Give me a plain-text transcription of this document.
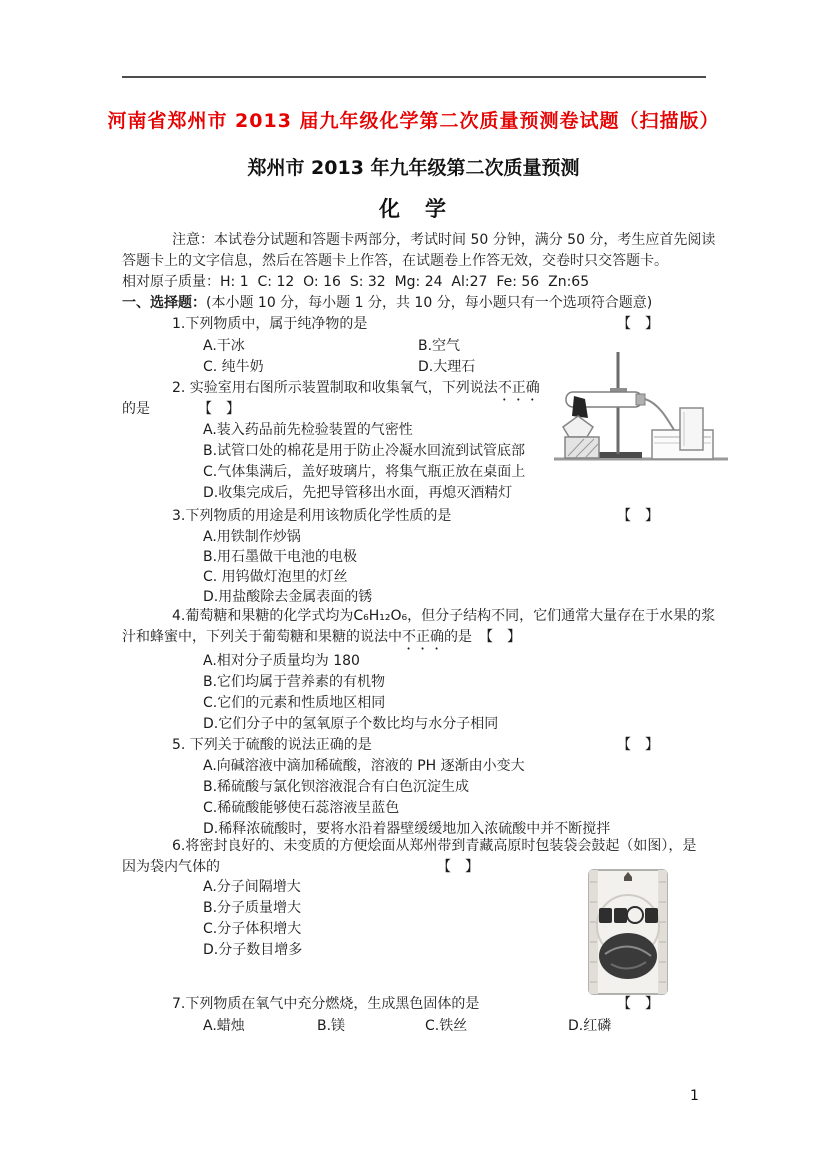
河南省郑州市 2013 届九年级化学第二次质量预测卷试题（扫描版）
郑州市 2013 年九年级第二次质量预测
化　学
注意：本试卷分试题和答题卡两部分，考试时间 50 分钟，满分 50 分，考生应首先阅读
答题卡上的文字信息，然后在答题卡上作答，在试题卷上作答无效，交卷时只交答题卡。
相对原子质量：H: 1  C: 12  O: 16  S: 32  Mg: 24  Al:27  Fe: 56  Zn:65
一、选择题：(本小题 10 分，每小题 1 分，共 10 分，每小题只有一个选项符合题意)
1.下列物质中，属于纯净物的是	【　】
A.干冰	B.空气
C. 纯牛奶	D.大理石
2. 实验室用右图所示装置制取和收集氧气，下列说法不正确
的是	【　】
A.装入药品前先检验装置的气密性
B.试管口处的棉花是用于防止冷凝水回流到试管底部
C.气体集满后，盖好玻璃片，将集气瓶正放在桌面上
D.收集完成后，先把导管移出水面，再熄灭酒精灯
3.下列物质的用途是利用该物质化学性质的是	【　】
A.用铁制作炒锅
B.用石墨做干电池的电极
C. 用钨做灯泡里的灯丝
D.用盐酸除去金属表面的锈
4.葡萄糖和果糖的化学式均为C₆H₁₂O₆，但分子结构不同，它们通常大量存在于水果的浆
汁和蜂蜜中，下列关于葡萄糖和果糖的说法中不正确的是　【　】
A.相对分子质量均为 180
B.它们均属于营养素的有机物
C.它们的元素和性质地区相同
D.它们分子中的氢氧原子个数比均与水分子相同
5. 下列关于硫酸的说法正确的是	【　】
A.向碱溶液中滴加稀硫酸，溶液的 PH 逐渐由小变大
B.稀硫酸与氯化钡溶液混合有白色沉淀生成
C.稀硫酸能够使石蕊溶液呈蓝色
D.稀释浓硫酸时，要将水沿着器壁缓缓地加入浓硫酸中并不断搅拌
6.将密封良好的、未变质的方便烩面从郑州带到青藏高原时包装袋会鼓起（如图），是
因为袋内气体的	【　】
A.分子间隔增大
B.分子质量增大
C.分子体积增大
D.分子数目增多
7.下列物质在氧气中充分燃烧，生成黑色固体的是	【　】
A.蜡烛	B.镁	C.铁丝	D.红磷
1
